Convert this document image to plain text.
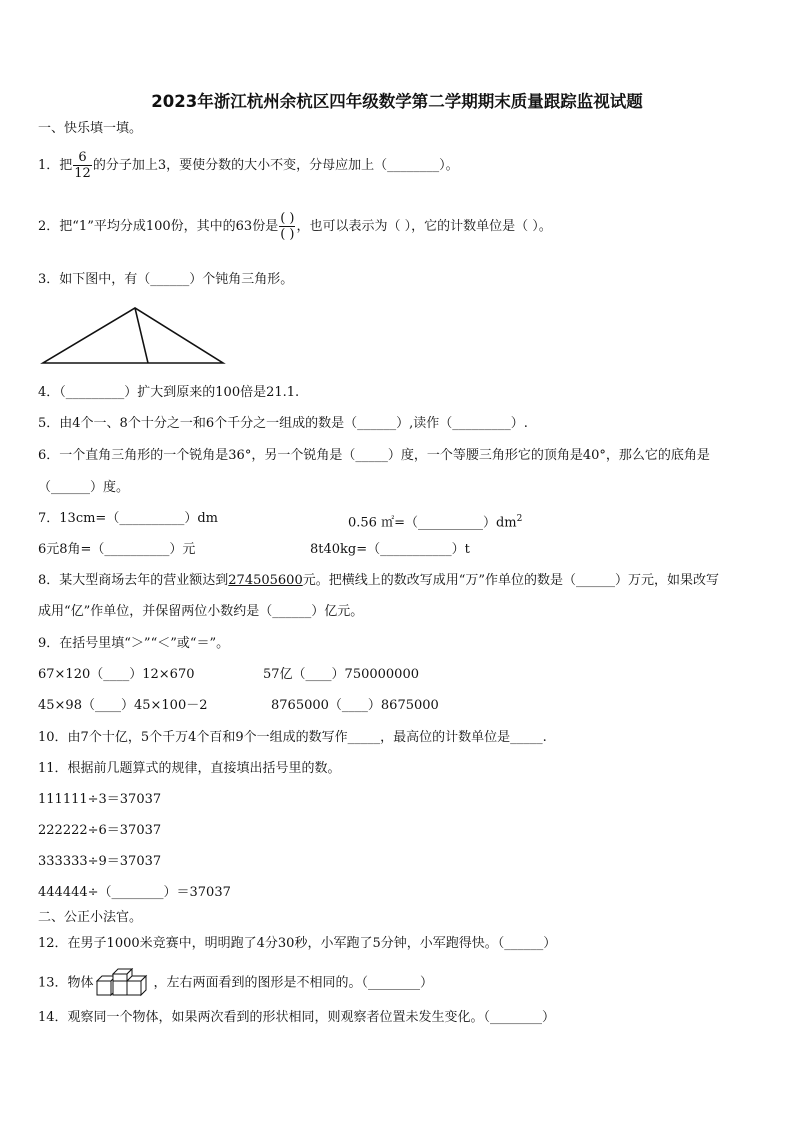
2023年浙江杭州余杭区四年级数学第二学期期末质量跟踪监视试题
一、快乐填一填。
1．把 $\frac{6}{12}$ 的分子加上3，要使分数的大小不变，分母应加上（________）。
2．把“1”平均分成100份，其中的63份是 $\frac{( )}{( )}$ ，也可以表示为（ ），它的计数单位是（ ）。
3．如下图中，有（______）个钝角三角形。
4．（_________）扩大到原来的100倍是21.1.
5．由4个一、8个十分之一和6个千分之一组成的数是（______）,读作（_________）.
6．一个直角三角形的一个锐角是36°，另一个锐角是（_____）度，一个等腰三角形它的顶角是40°，那么它的底角是
（______）度。
7．13cm=（__________）dm	0.56 $㎡=(\_\_\_\_\_\_\_\_\_\_)dm^2$
6元8角=（__________）元	8t40kg=（___________）t
8．某大型商场去年的营业额达到274505600元。把横线上的数改写成用“万”作单位的数是（______）万元，如果改写
成用“亿”作单位，并保留两位小数约是（______）亿元。
9．在括号里填“＞”“＜”或“＝”。
67×120（____）12×670	57亿（____）750000000
45×98（____）45×100－2	8765000（____）8675000
10．由7个十亿，5个千万4个百和9个一组成的数写作_____，最高位的计数单位是_____.
11．根据前几题算式的规律，直接填出括号里的数。
111111÷3＝37037
222222÷6＝37037
333333÷9＝37037
444444÷（________）＝37037
二、公正小法官。
12．在男子1000米竞赛中，明明跑了4分30秒，小军跑了5分钟，小军跑得快。（______）
13．物体	，左右两面看到的图形是不相同的。（________）
14．观察同一个物体，如果两次看到的形状相同，则观察者位置未发生变化。（________）
